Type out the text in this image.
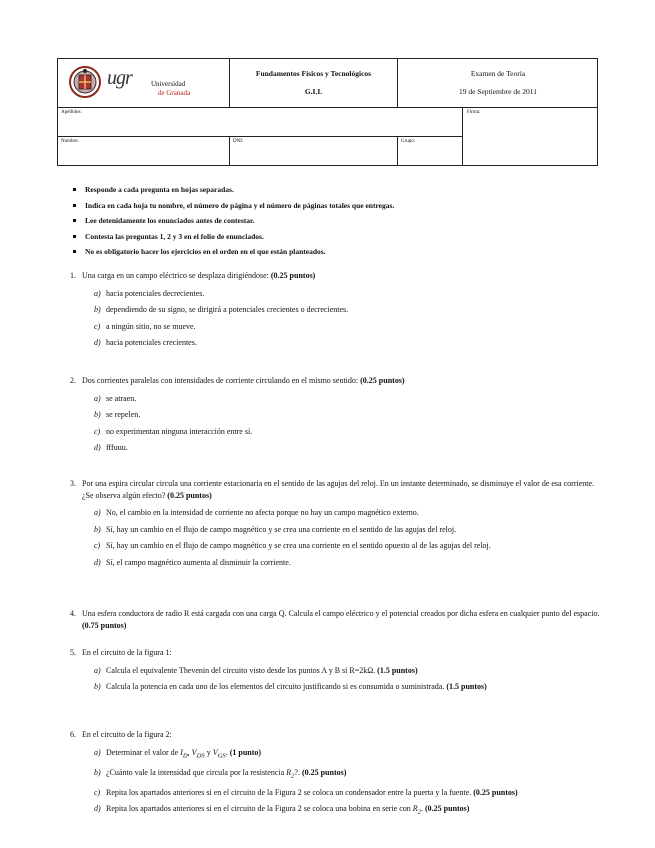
ugr	Universidad
de Granada
Fundamentos Físicos y Tecnológicos
G.I.I.
Examen de Teoría
19 de Septiembre de 2011
Apellidos:	Firma:
Nombre:	DNI:	Grupo:
Responde a cada pregunta en hojas separadas.
Indica en cada hoja tu nombre, el número de página y el número de páginas totales que entregas.
Lee detenidamente los enunciados antes de contestar.
Contesta las preguntas 1, 2 y 3 en el folio de enunciados.
No es obligatorio hacer los ejercicios en el orden en el que están planteados.
1. Una carga en un campo eléctrico se desplaza dirigiéndose: (0.25 puntos)
a) hacia potenciales decrecientes.
b) dependiendo de su signo, se dirigirá a potenciales crecientes o decrecientes.
c) a ningún sitio, no se mueve.
d) hacia potenciales crecientes.
2. Dos corrientes paralelas con intensidades de corriente circulando en el mismo sentido: (0.25 puntos)
a) se atraen.
b) se repelen.
c) no experimentan ninguna interacción entre sí.
d) fffuuu.
3. Por una espira circular circula una corriente estacionaria en el sentido de las agujas del reloj. En un instante determinado, se disminuye el valor de esa corriente. ¿Se observa algún efecto? (0.25 puntos)
a) No, el cambio en la intensidad de corriente no afecta porque no hay un campo magnético externo.
b) Sí, hay un cambio en el flujo de campo magnético y se crea una corriente en el sentido de las agujas del reloj.
c) Sí, hay un cambio en el flujo de campo magnético y se crea una corriente en el sentido opuesto al de las agujas del reloj.
d) Sí, el campo magnético aumenta al disminuir la corriente.
4. Una esfera conductora de radio R está cargada con una carga Q. Calcula el campo eléctrico y el potencial creados por dicha esfera en cualquier punto del espacio. (0.75 puntos)
5. En el circuito de la figura 1:
a) Calcula el equivalente Thevenin del circuito visto desde los puntos A y B si R=2kΩ. (1.5 puntos)
b) Calcula la potencia en cada uno de los elementos del circuito justificando si es consumida o suministrada. (1.5 puntos)
6. En el circuito de la figura 2:
a) Determinar el valor de $I_D$, $V_{DS}$ y $V_{GS}$. (1 punto)
b) ¿Cuánto vale la intensidad que circula por la resistencia $R_2$?. (0.25 puntos)
c) Repita los apartados anteriores si en el circuito de la Figura 2 se coloca un condensador entre la puerta y la fuente. (0.25 puntos)
d) Repita los apartados anteriores si en el circuito de la Figura 2 se coloca una bobina en serie con $R_2$. (0.25 puntos)
